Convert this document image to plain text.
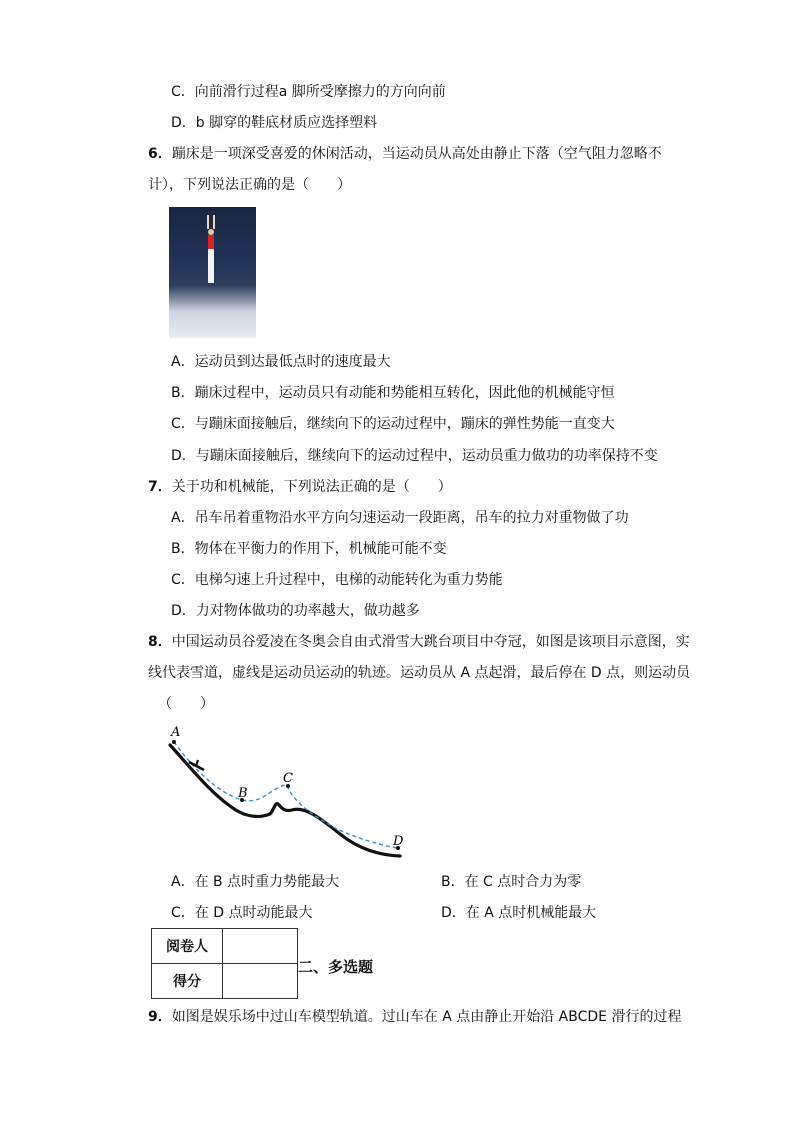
C．向前滑行过程a 脚所受摩擦力的方向向前
D．b 脚穿的鞋底材质应选择塑料
6．蹦床是一项深受喜爱的休闲活动，当运动员从高处由静止下落（空气阻力忽略不
计），下列说法正确的是（　　）
A．运动员到达最低点时的速度最大
B．蹦床过程中，运动员只有动能和势能相互转化，因此他的机械能守恒
C．与蹦床面接触后，继续向下的运动过程中，蹦床的弹性势能一直变大
D．与蹦床面接触后，继续向下的运动过程中，运动员重力做功的功率保持不变
7．关于功和机械能，下列说法正确的是（　　）
A．吊车吊着重物沿水平方向匀速运动一段距离，吊车的拉力对重物做了功
B．物体在平衡力的作用下，机械能可能不变
C．电梯匀速上升过程中，电梯的动能转化为重力势能
D．力对物体做功的功率越大，做功越多
8．中国运动员谷爱凌在冬奥会自由式滑雪大跳台项目中夺冠，如图是该项目示意图，实
线代表雪道，虚线是运动员运动的轨迹。运动员从 A 点起滑，最后停在 D 点，则运动员
（　　）
A
B
C
D
A．在 B 点时重力势能最大	B．在 C 点时合力为零
C．在 D 点时动能最大	D．在 A 点时机械能最大
阅卷人	
得分	
二、多选题
9．如图是娱乐场中过山车模型轨道。过山车在 A 点由静止开始沿 ABCDE 滑行的过程
